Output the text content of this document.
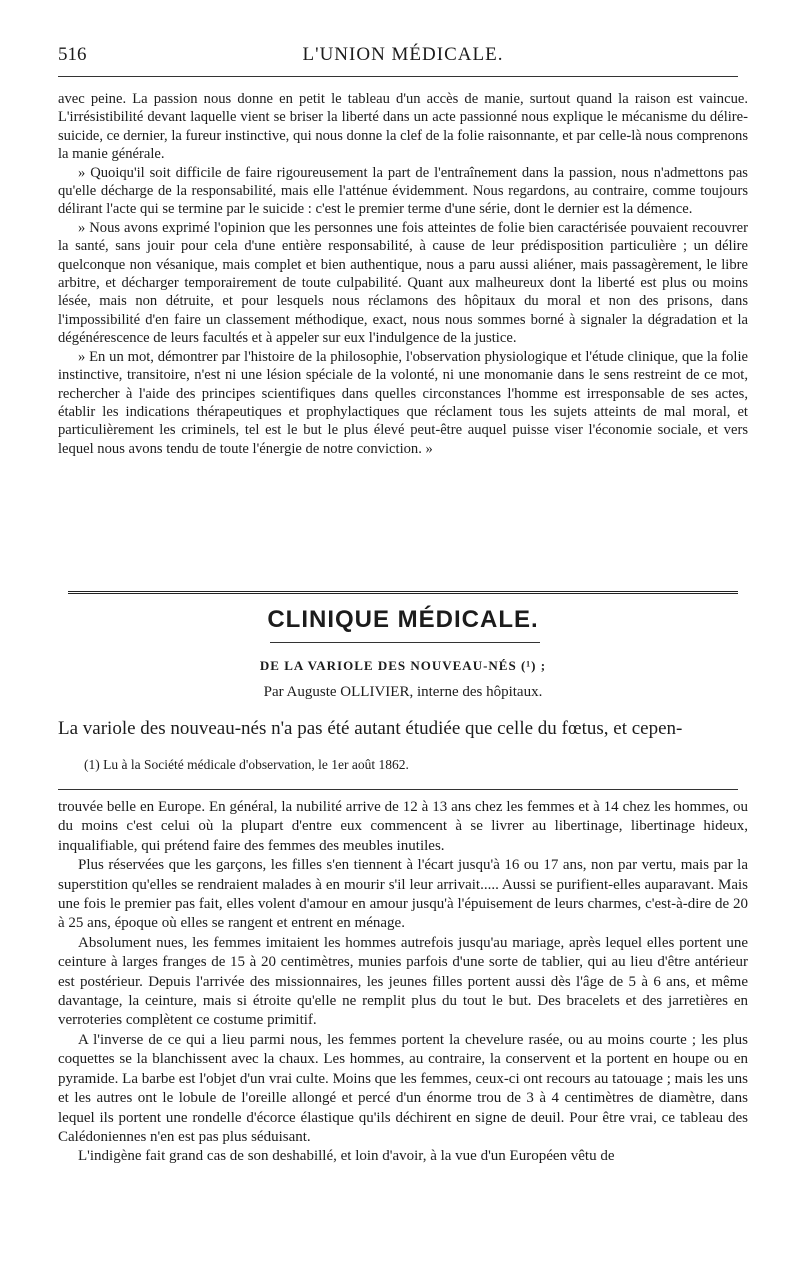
516	L'UNION MÉDICALE.

avec peine. La passion nous donne en petit le tableau d'un accès de manie, surtout quand la raison est vaincue. L'irrésistibilité devant laquelle vient se briser la liberté dans un acte passionné nous explique le mécanisme du délire-suicide, ce dernier, la fureur instinctive, qui nous donne la clef de la folie raisonnante, et par celle-là nous comprenons la manie générale.

» Quoiqu'il soit difficile de faire rigoureusement la part de l'entraînement dans la passion, nous n'admettons pas qu'elle décharge de la responsabilité, mais elle l'atténue évidemment. Nous regardons, au contraire, comme toujours délirant l'acte qui se termine par le suicide : c'est le premier terme d'une série, dont le dernier est la démence.

» Nous avons exprimé l'opinion que les personnes une fois atteintes de folie bien caractérisée pouvaient recouvrer la santé, sans jouir pour cela d'une entière responsabilité, à cause de leur prédisposition particulière ; un délire quelconque non vésanique, mais complet et bien authentique, nous a paru aussi aliéner, mais passagèrement, le libre arbitre, et décharger temporairement de toute culpabilité. Quant aux malheureux dont la liberté est plus ou moins lésée, mais non détruite, et pour lesquels nous réclamons des hôpitaux du moral et non des prisons, dans l'impossibilité d'en faire un classement méthodique, exact, nous nous sommes borné à signaler la dégradation et la dégénérescence de leurs facultés et à appeler sur eux l'indulgence de la justice.

» En un mot, démontrer par l'histoire de la philosophie, l'observation physiologique et l'étude clinique, que la folie instinctive, transitoire, n'est ni une lésion spéciale de la volonté, ni une monomanie dans le sens restreint de ce mot, rechercher à l'aide des principes scientifiques dans quelles circonstances l'homme est irresponsable de ses actes, établir les indications thérapeutiques et prophylactiques que réclament tous les sujets atteints de mal moral, et particulièrement les criminels, tel est le but le plus élevé peut-être auquel puisse viser l'économie sociale, et vers lequel nous avons tendu de toute l'énergie de notre conviction. »

CLINIQUE MÉDICALE.
DE LA VARIOLE DES NOUVEAU-NÉS (¹) ;
Par Auguste OLLIVIER, interne des hôpitaux.
La variole des nouveau-nés n'a pas été autant étudiée que celle du fœtus, et cepen-
(1) Lu à la Société médicale d'observation, le 1er août 1862.

trouvée belle en Europe. En général, la nubilité arrive de 12 à 13 ans chez les femmes et à 14 chez les hommes, ou du moins c'est celui où la plupart d'entre eux commencent à se livrer au libertinage, libertinage hideux, inqualifiable, qui prétend faire des femmes des meubles inutiles.

Plus réservées que les garçons, les filles s'en tiennent à l'écart jusqu'à 16 ou 17 ans, non par vertu, mais par la superstition qu'elles se rendraient malades à en mourir s'il leur arrivait..... Aussi se purifient-elles auparavant. Mais une fois le premier pas fait, elles volent d'amour en amour jusqu'à l'épuisement de leurs charmes, c'est-à-dire de 20 à 25 ans, époque où elles se rangent et entrent en ménage.

Absolument nues, les femmes imitaient les hommes autrefois jusqu'au mariage, après lequel elles portent une ceinture à larges franges de 15 à 20 centimètres, munies parfois d'une sorte de tablier, qui au lieu d'être antérieur est postérieur. Depuis l'arrivée des missionnaires, les jeunes filles portent aussi dès l'âge de 5 à 6 ans, et même davantage, la ceinture, mais si étroite qu'elle ne remplit plus du tout le but. Des bracelets et des jarretières en verroteries complètent ce costume primitif.

A l'inverse de ce qui a lieu parmi nous, les femmes portent la chevelure rasée, ou au moins courte ; les plus coquettes se la blanchissent avec la chaux. Les hommes, au contraire, la conservent et la portent en houpe ou en pyramide. La barbe est l'objet d'un vrai culte. Moins que les femmes, ceux-ci ont recours au tatouage ; mais les uns et les autres ont le lobule de l'oreille allongé et percé d'un énorme trou de 3 à 4 centimètres de diamètre, dans lequel ils portent une rondelle d'écorce élastique qu'ils déchirent en signe de deuil. Pour être vrai, ce tableau des Calédoniennes n'en est pas plus séduisant.

L'indigène fait grand cas de son deshabillé, et loin d'avoir, à la vue d'un Européen vêtu de
